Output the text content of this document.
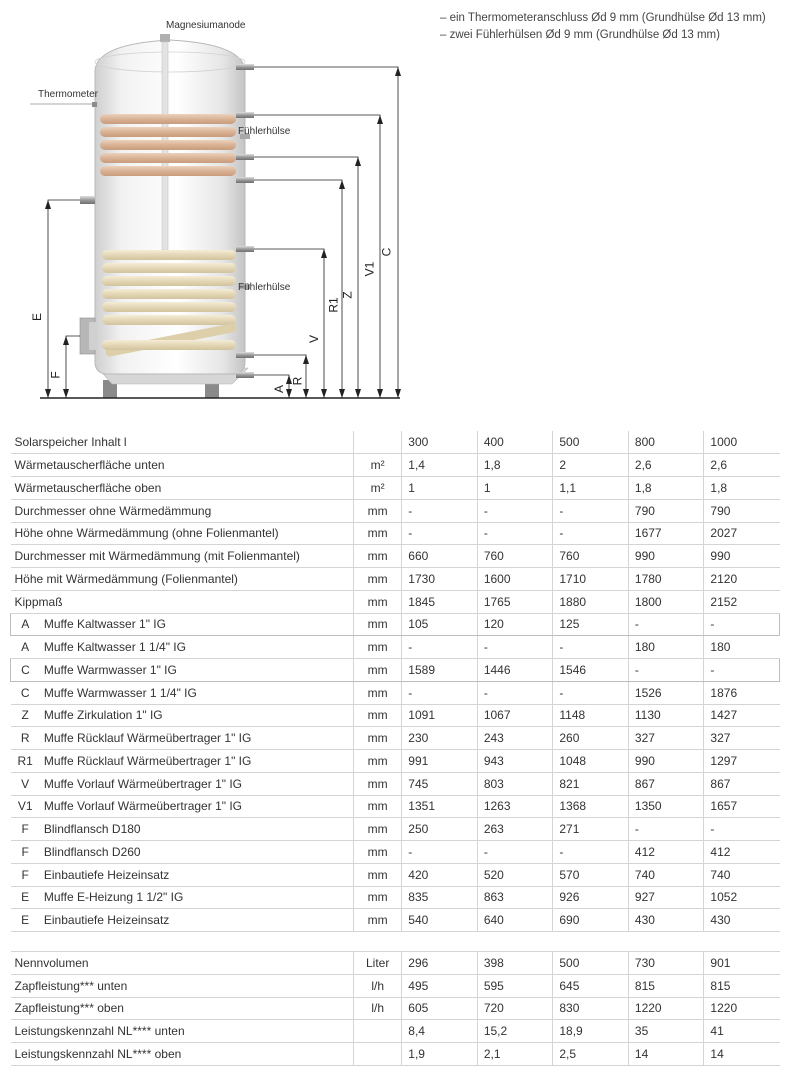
Magnesiumanode
Thermometer
Fühlerhülse
Fühlerhülse
C
V1
Z
R1
V
R
A
E
F
– ein Thermometeranschluss Ød 9 mm (Grundhülse Ød 13 mm)
– zwei Fühlerhülsen Ød 9 mm (Grundhülse Ød 13 mm)
Solarspeicher Inhalt l			300	400	500	800	1000
Wärmetauscherfläche unten		m²	1,4	1,8	2	2,6	2,6
Wärmetauscherfläche oben		m²	1	1	1,1	1,8	1,8
Durchmesser ohne Wärmedämmung		mm	-	-	-	790	790
Höhe ohne Wärmedämmung (ohne Folienmantel)		mm	-	-	-	1677	2027
Durchmesser mit Wärmedämmung (mit Folienmantel)		mm	660	760	760	990	990
Höhe mit Wärmedämmung (Folienmantel)		mm	1730	1600	1710	1780	2120
Kippmaß		mm	1845	1765	1880	1800	2152
A	Muffe Kaltwasser 1" IG	mm	105	120	125	-	-
A	Muffe Kaltwasser 1 1/4" IG	mm	-	-	-	180	180
C	Muffe Warmwasser 1" IG	mm	1589	1446	1546	-	-
C	Muffe Warmwasser 1 1/4" IG	mm	-	-	-	1526	1876
Z	Muffe Zirkulation 1" IG	mm	1091	1067	1148	1130	1427
R	Muffe Rücklauf Wärmeübertrager 1" IG	mm	230	243	260	327	327
R1	Muffe Rücklauf Wärmeübertrager 1" IG	mm	991	943	1048	990	1297
V	Muffe Vorlauf Wärmeübertrager 1" IG	mm	745	803	821	867	867
V1	Muffe Vorlauf Wärmeübertrager 1" IG	mm	1351	1263	1368	1350	1657
F	Blindflansch D180	mm	250	263	271	-	-
F	Blindflansch D260	mm	-	-	-	412	412
F	Einbautiefe Heizeinsatz	mm	420	520	570	740	740
E	Muffe E-Heizung 1 1/2" IG	mm	835	863	926	927	1052
E	Einbautiefe Heizeinsatz	mm	540	640	690	430	430

Nennvolumen		Liter	296	398	500	730	901
Zapfleistung*** unten		l/h	495	595	645	815	815
Zapfleistung*** oben		l/h	605	720	830	1220	1220
Leistungskennzahl NL**** unten			8,4	15,2	18,9	35	41
Leistungskennzahl NL**** oben			1,9	2,1	2,5	14	14
